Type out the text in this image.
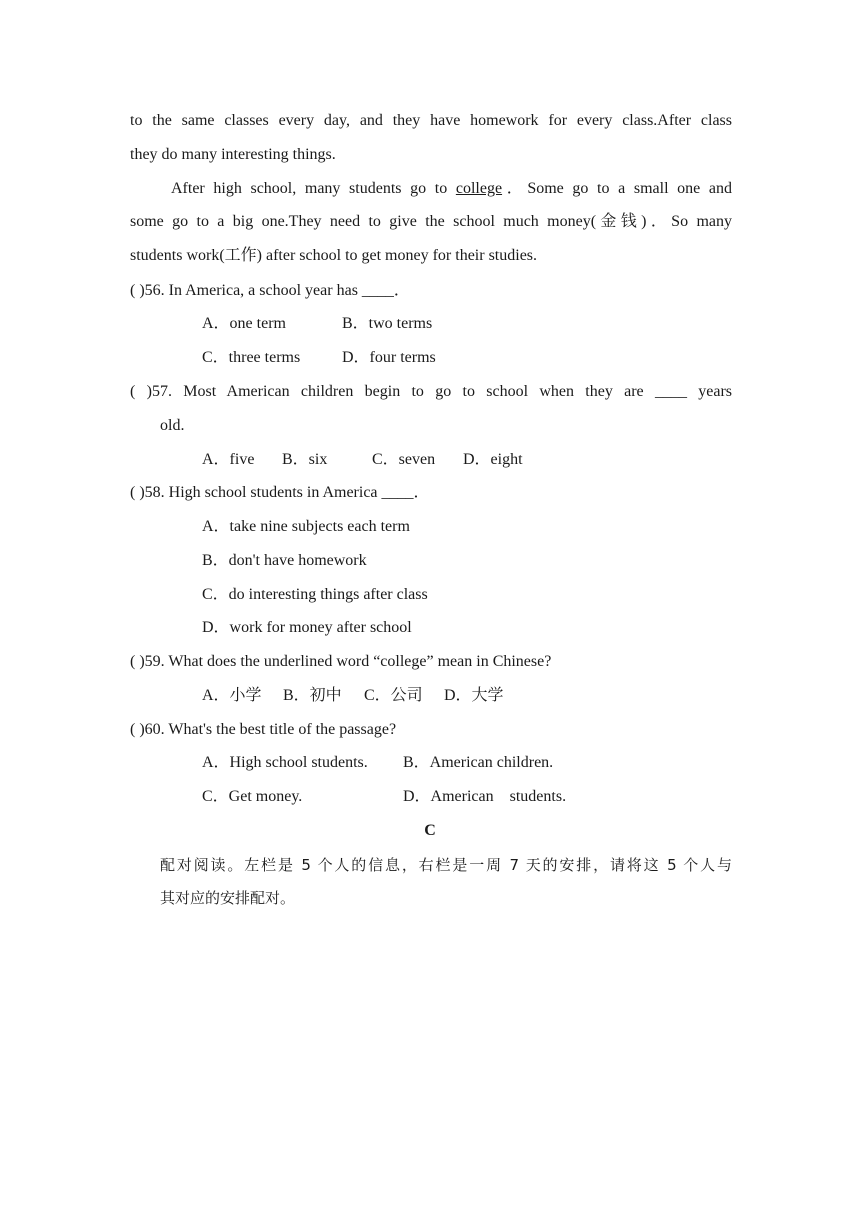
to the same classes every day, and they have homework for every class.After class
they do many interesting things.
After high school, many students go to college．Some go to a small one and
some go to a big one.They need to give the school much money(金钱)．So many
students work(工作) after school to get money for their studies.
( )56. In America, a school year has ____．
A．one term	B．two terms
C．three terms	D．four terms
( )57. Most American children begin to go to school when they are ____ years
old.
A．five B．six	C．seven D．eight
( )58. High school students in America ____．
A．take nine subjects each term
B．don't have homework
C．do interesting things after class
D．work for money after school
( )59. What does the underlined word “college” mean in Chinese?
A．小学 B．初中 C．公司 D．大学
( )60. What's the best title of the passage?
A．High school students. B．American children.
C．Get money.	D．American    students.
C
配对阅读。左栏是 5 个人的信息，右栏是一周 7 天的安排，请将这 5 个人与
其对应的安排配对。
